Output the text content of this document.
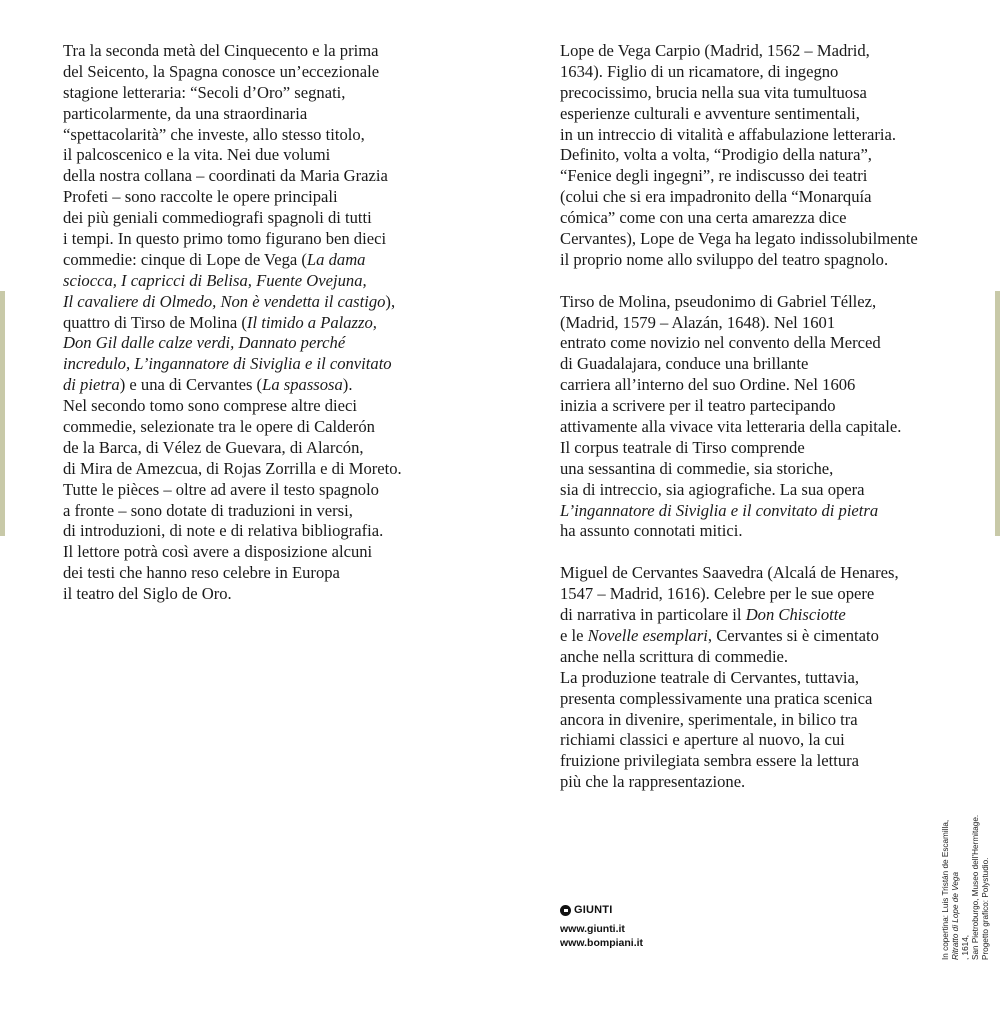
Tra la seconda metà del Cinquecento e la prima
del Seicento, la Spagna conosce un’eccezionale
stagione letteraria: “Secoli d’Oro” segnati,
particolarmente, da una straordinaria
“spettacolarità” che investe, allo stesso titolo,
il palcoscenico e la vita. Nei due volumi
della nostra collana – coordinati da Maria Grazia
Profeti – sono raccolte le opere principali
dei più geniali commediografi spagnoli di tutti
i tempi. In questo primo tomo figurano ben dieci
commedie: cinque di Lope de Vega (La dama
sciocca, I capricci di Belisa, Fuente Ovejuna,
Il cavaliere di Olmedo, Non è vendetta il castigo),
quattro di Tirso de Molina (Il timido a Palazzo,
Don Gil dalle calze verdi, Dannato perché
incredulo, L’ingannatore di Siviglia e il convitato
di pietra) e una di Cervantes (La spassosa).
Nel secondo tomo sono comprese altre dieci
commedie, selezionate tra le opere di Calderón
de la Barca, di Vélez de Guevara, di Alarcón,
di Mira de Amezcua, di Rojas Zorrilla e di Moreto.
Tutte le pièces – oltre ad avere il testo spagnolo
a fronte – sono dotate di traduzioni in versi,
di introduzioni, di note e di relativa bibliografia.
Il lettore potrà così avere a disposizione alcuni
dei testi che hanno reso celebre in Europa
il teatro del Siglo de Oro.
Lope de Vega Carpio (Madrid, 1562 – Madrid,
1634). Figlio di un ricamatore, di ingegno
precocissimo, brucia nella sua vita tumultuosa
esperienze culturali e avventure sentimentali,
in un intreccio di vitalità e affabulazione letteraria.
Definito, volta a volta, “Prodigio della natura”,
“Fenice degli ingegni”, re indiscusso dei teatri
(colui che si era impadronito della “Monarquía
cómica” come con una certa amarezza dice
Cervantes), Lope de Vega ha legato indissolubilmente
il proprio nome allo sviluppo del teatro spagnolo.
Tirso de Molina, pseudonimo di Gabriel Téllez,
(Madrid, 1579 – Alazán, 1648). Nel 1601
entrato come novizio nel convento della Merced
di Guadalajara, conduce una brillante
carriera all’interno del suo Ordine. Nel 1606
inizia a scrivere per il teatro partecipando
attivamente alla vivace vita letteraria della capitale.
Il corpus teatrale di Tirso comprende
una sessantina di commedie, sia storiche,
sia di intreccio, sia agiografiche. La sua opera
L’ingannatore di Siviglia e il convitato di pietra
ha assunto connotati mitici.
Miguel de Cervantes Saavedra (Alcalá de Henares,
1547 – Madrid, 1616). Celebre per le sue opere
di narrativa in particolare il Don Chisciotte
e le Novelle esemplari, Cervantes si è cimentato
anche nella scrittura di commedie.
La produzione teatrale di Cervantes, tuttavia,
presenta complessivamente una pratica scenica
ancora in divenire, sperimentale, in bilico tra
richiami classici e aperture al nuovo, la cui
fruizione privilegiata sembra essere la lettura
più che la rappresentazione.
GIUNTI
www.giunti.it
www.bompiani.it	In copertina: Luis Tristán de Escamilla, Ritratto di Lope de Vega , 1614, San Pietroburgo, Museo dell’Hermitage. Progetto grafico: Polystudio.
